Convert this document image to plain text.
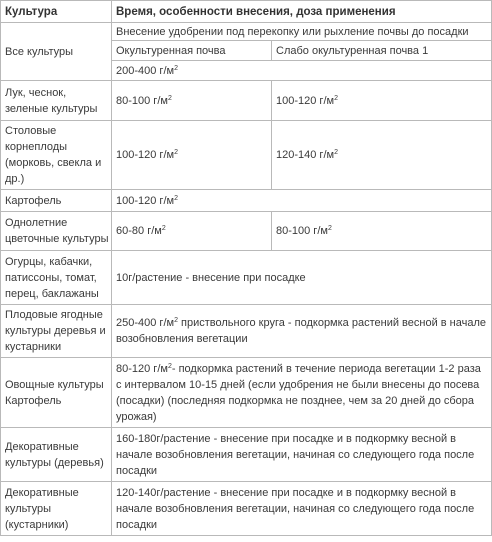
Культура	Время, особенности внесения, доза применения	
Все культуры	Внесение удобрении под перекопку или рыхление почвы до посадки	
	Окультуренная почва	Слабо окультуренная почва 1
	200-400 $г/м^2$
Лук, чеснок, зеленые культуры	80-100 $г/м^2$	100-120 $г/м^2$
Столовые корнеплоды (морковь, свекла и др.)	100-120 $г/м^2$	120-140 $г/м^2$
Картофель	100-120 $г/м^2$
Однолетние цветочные культуры	60-80 $г/м^2$	80-100 $г/м^2$
Огурцы, кабачки, патиссоны, томат, перец, баклажаны	10г/растение - внесение при посадке	
Плодовые ягодные культуры деревья и кустарники	250-400 $г/м^2$ приствольного круга - подкормка растений весной в начале возобновления вегетации	
Овощные культуры Картофель	80-120 $г/м^2-$ подкормка растений в течение периода вегетации 1-2 раза с интервалом 10-15 дней (если удобрения не были внесены до посева (посадки) (последняя подкормка не позднее, чем за 20 дней до сбора урожая)	
Декоративные культуры (деревья)	160-180г/растение - внесение при посадке и в подкормку весной в начале возобновления вегетации, начиная со следующего года после посадки	
Декоративные культуры (кустарники)	120-140г/растение - внесение при посадке и в подкормку весной в начале возобновления вегетации, начиная со следующего года после посадки	
